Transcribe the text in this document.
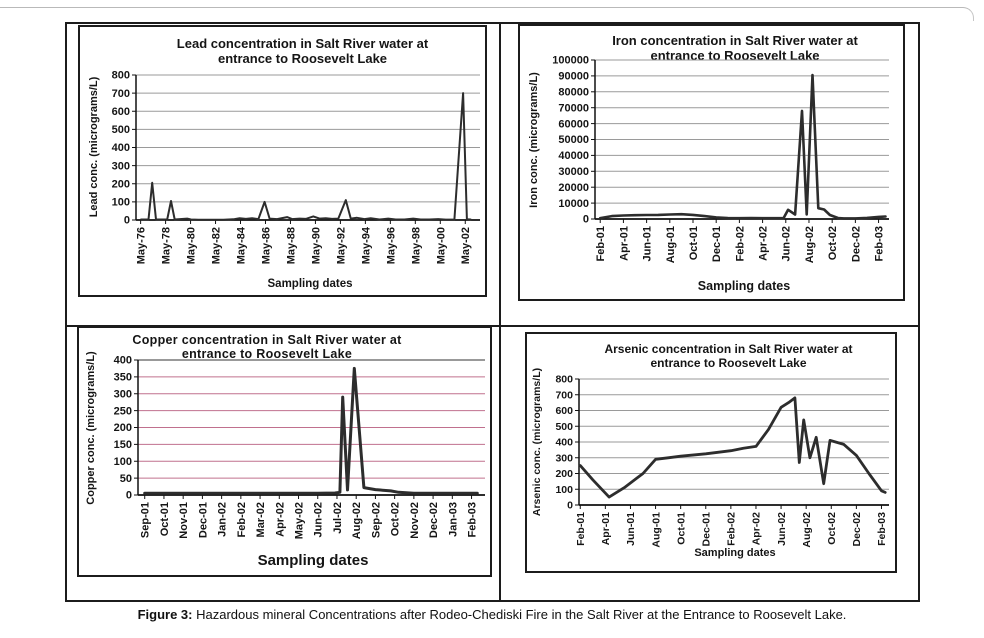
Lead concentration in Salt River water at
entrance to Roosevelt Lake
0
100
200
300
400
500
600
700
800
May-76 May-78 May-80 May-82 May-84 May-86 May-88 May-90 May-92 May-94 May-96 May-98 May-00 May-02
Lead conc. (micrograms/L)
Sampling dates
Iron concentration in Salt River water at
entrance to Roosevelt Lake
0
10000
20000
30000
40000
50000
60000
70000
80000
90000
100000
Feb-01 Apr-01 Jun-01 Aug-01 Oct-01 Dec-01 Feb-02 Apr-02 Jun-02 Aug-02 Oct-02 Dec-02 Feb-03
Iron conc. (micrograms/L)
Sampling dates
Copper concentration in Salt River water at
entrance to Roosevelt Lake
0
50
100
150
200
250
300
350
400
Sep-01 Oct-01 Nov-01 Dec-01 Jan-02 Feb-02 Mar-02 Apr-02 May-02 Jun-02 Jul-02 Aug-02 Sep-02 Oct-02 Nov-02 Dec-02 Jan-03 Feb-03
Copper conc. (micrograms/L)
Sampling dates
Arsenic concentration in Salt River water at
entrance to Roosevelt Lake
0
100
200
300
400
500
600
700
800
Feb-01 Apr-01 Jun-01 Aug-01 Oct-01 Dec-01 Feb-02 Apr-02 Jun-02 Aug-02 Oct-02 Dec-02 Feb-03
Arsenic conc. (micrograms/L)
Sampling dates
Figure 3: Hazardous mineral Concentrations after Rodeo-Chediski Fire in the Salt River at the Entrance to Roosevelt Lake.
